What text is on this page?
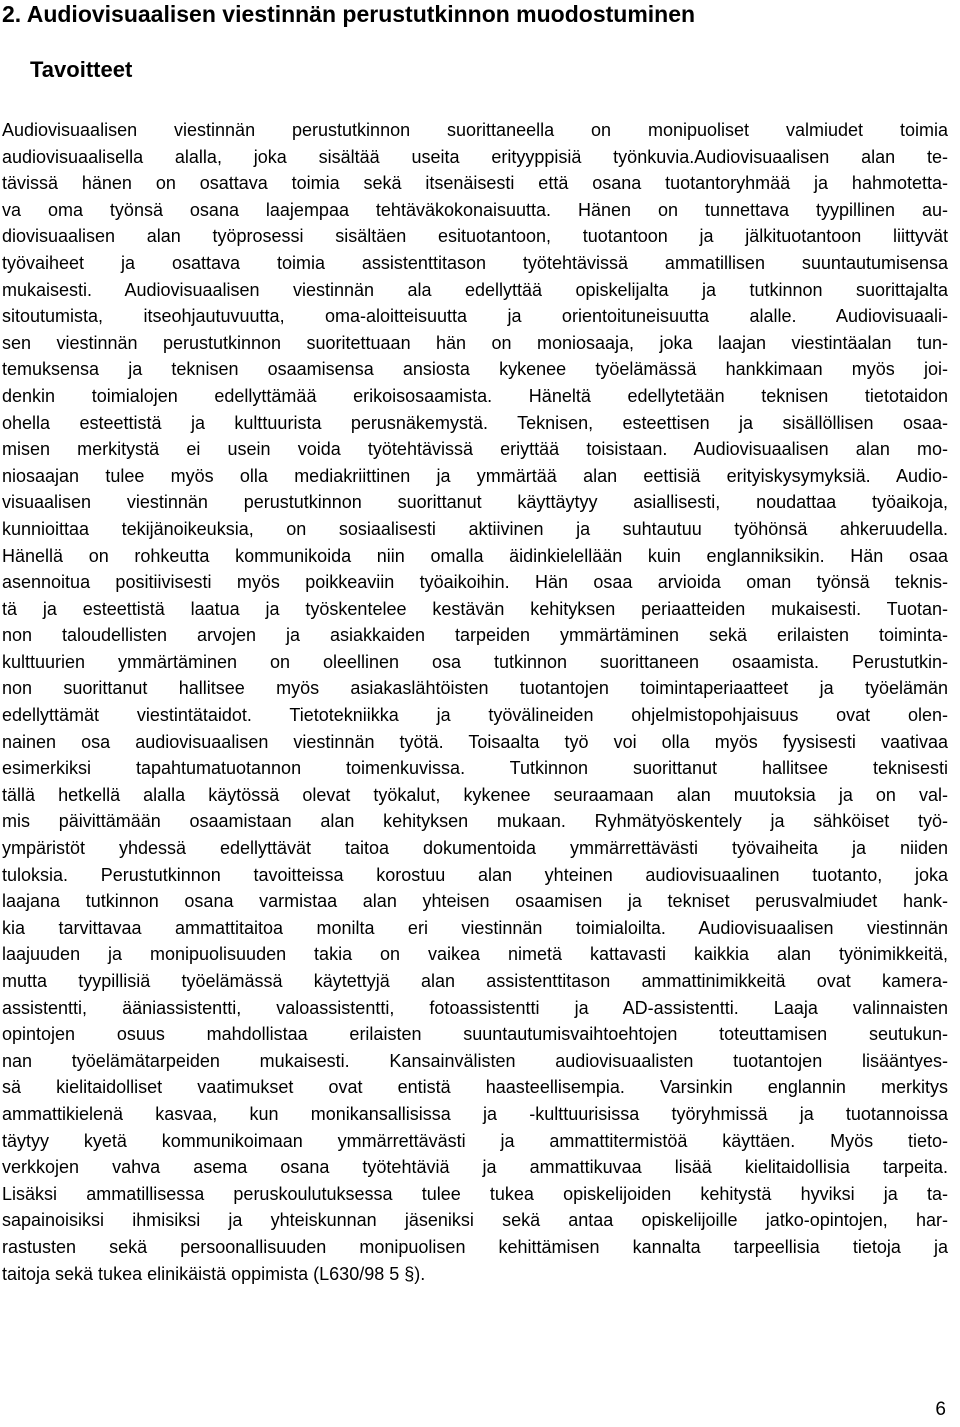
2. Audiovisuaalisen viestinnän perustutkinnon muodostuminen
Tavoitteet
Audiovisuaalisen viestinnän perustutkinnon suorittaneella on monipuoliset valmiudet toimia
audiovisuaalisella alalla, joka sisältää useita erityyppisiä työnkuvia.Audiovisuaalisen alan te-
tävissä hänen on osattava toimia sekä itsenäisesti että osana tuotantoryhmää ja hahmotetta-
va oma työnsä osana laajempaa tehtäväkokonaisuutta. Hänen on tunnettava tyypillinen au-
diovisuaalisen alan työprosessi sisältäen esituotantoon, tuotantoon ja jälkituotantoon liittyvät
työvaiheet ja osattava toimia assistenttitason työtehtävissä ammatillisen suuntautumisensa
mukaisesti. Audiovisuaalisen viestinnän ala edellyttää opiskelijalta ja tutkinnon suorittajalta
sitoutumista, itseohjautuvuutta, oma-aloitteisuutta ja orientoituneisuutta alalle. Audiovisuaali-
sen viestinnän perustutkinnon suoritettuaan hän on moniosaaja, joka laajan viestintäalan tun-
temuksensa ja teknisen osaamisensa ansiosta kykenee työelämässä hankkimaan myös joi-
denkin toimialojen edellyttämää erikoisosaamista. Häneltä edellytetään teknisen tietotaidon
ohella esteettistä ja kulttuurista perusnäkemystä. Teknisen, esteettisen ja sisällöllisen osaa-
misen merkitystä ei usein voida työtehtävissä eriyttää toisistaan. Audiovisuaalisen alan mo-
niosaajan tulee myös olla mediakriittinen ja ymmärtää alan eettisiä erityiskysymyksiä. Audio-
visuaalisen viestinnän perustutkinnon suorittanut käyttäytyy asiallisesti, noudattaa työaikoja,
kunnioittaa tekijänoikeuksia, on sosiaalisesti aktiivinen ja suhtautuu työhönsä ahkeruudella.
Hänellä on rohkeutta kommunikoida niin omalla äidinkielellään kuin englanniksikin. Hän osaa
asennoitua positiivisesti myös poikkeaviin työaikoihin. Hän osaa arvioida oman työnsä teknis-
tä ja esteettistä laatua ja työskentelee kestävän kehityksen periaatteiden mukaisesti. Tuotan-
non taloudellisten arvojen ja asiakkaiden tarpeiden ymmärtäminen sekä erilaisten toiminta-
kulttuurien ymmärtäminen on oleellinen osa tutkinnon suorittaneen osaamista. Perustutkin-
non suorittanut hallitsee myös asiakaslähtöisten tuotantojen toimintaperiaatteet ja työelämän
edellyttämät viestintätaidot. Tietotekniikka ja työvälineiden ohjelmistopohjaisuus ovat olen-
nainen osa audiovisuaalisen viestinnän työtä. Toisaalta työ voi olla myös fyysisesti vaativaa
esimerkiksi tapahtumatuotannon toimenkuvissa. Tutkinnon suorittanut hallitsee teknisesti
tällä hetkellä alalla käytössä olevat työkalut, kykenee seuraamaan alan muutoksia ja on val-
mis päivittämään osaamistaan alan kehityksen mukaan. Ryhmätyöskentely ja sähköiset työ-
ympäristöt yhdessä edellyttävät taitoa dokumentoida ymmärrettävästi työvaiheita ja niiden
tuloksia. Perustutkinnon tavoitteissa korostuu alan yhteinen audiovisuaalinen tuotanto, joka
laajana tutkinnon osana varmistaa alan yhteisen osaamisen ja tekniset perusvalmiudet hank-
kia tarvittavaa ammattitaitoa monilta eri viestinnän toimialoilta. Audiovisuaalisen viestinnän
laajuuden ja monipuolisuuden takia on vaikea nimetä kattavasti kaikkia alan työnimikkeitä,
mutta tyypillisiä työelämässä käytettyjä alan assistenttitason ammattinimikkeitä ovat kamera-
assistentti, ääniassistentti, valoassistentti, fotoassistentti ja AD-assistentti. Laaja valinnaisten
opintojen osuus mahdollistaa erilaisten suuntautumisvaihtoehtojen toteuttamisen seutukun-
nan työelämätarpeiden mukaisesti. Kansainvälisten audiovisuaalisten tuotantojen lisääntyes-
sä kielitaidolliset vaatimukset ovat entistä haasteellisempia. Varsinkin englannin merkitys
ammattikielenä kasvaa, kun monikansallisissa ja -kulttuurisissa työryhmissä ja tuotannoissa
täytyy kyetä kommunikoimaan ymmärrettävästi ja ammattitermistöä käyttäen. Myös tieto-
verkkojen vahva asema osana työtehtäviä ja ammattikuvaa lisää kielitaidollisia tarpeita.
Lisäksi ammatillisessa peruskoulutuksessa tulee tukea opiskelijoiden kehitystä hyviksi ja ta-
sapainoisiksi ihmisiksi ja yhteiskunnan jäseniksi sekä antaa opiskelijoille jatko-opintojen, har-
rastusten sekä persoonallisuuden monipuolisen kehittämisen kannalta tarpeellisia tietoja ja
taitoja sekä tukea elinikäistä oppimista (L630/98 5 §).
6
